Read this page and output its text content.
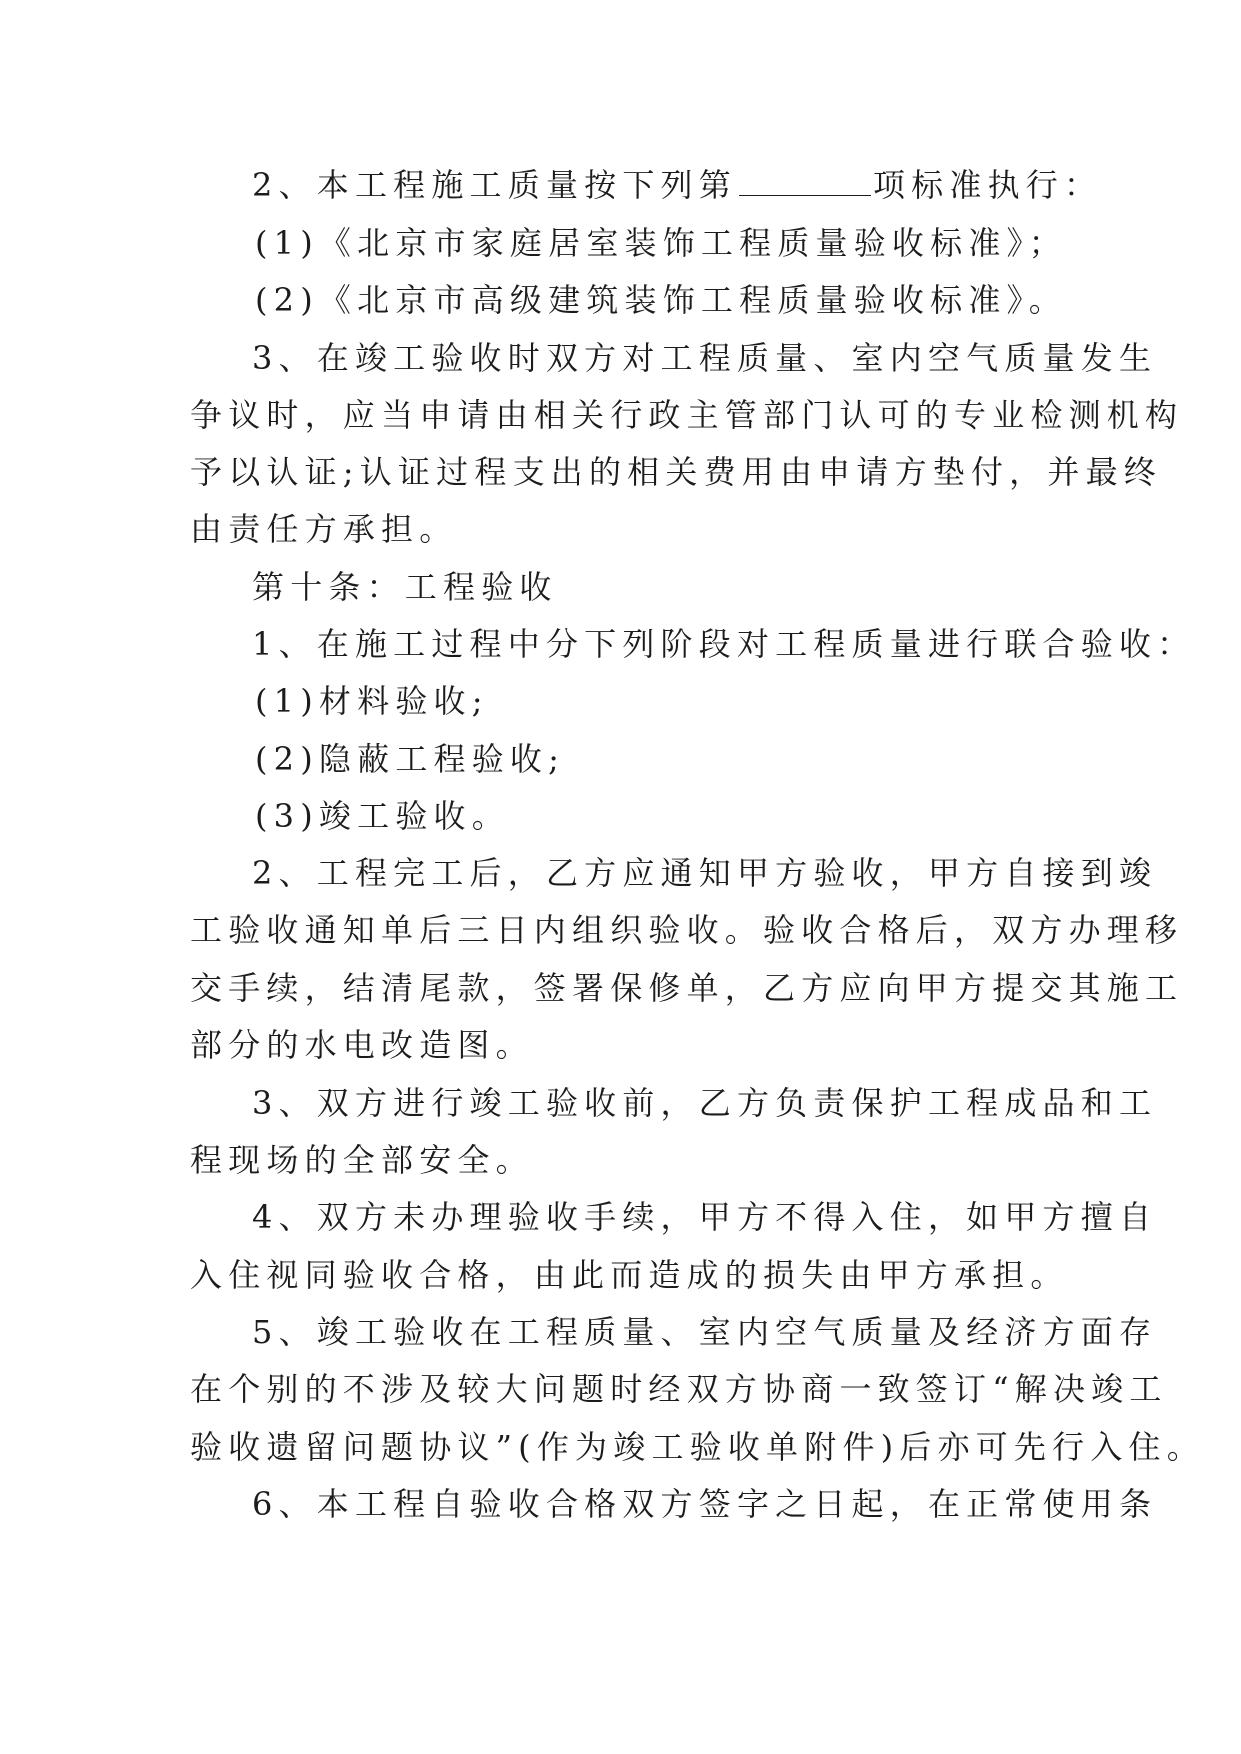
2、本工程施工质量按下列第	项标准执行：
(1)《北京市家庭居室装饰工程质量验收标准》；
(2)《北京市高级建筑装饰工程质量验收标准》。
3、在竣工验收时双方对工程质量、室内空气质量发生
争议时，应当申请由相关行政主管部门认可的专业检测机构
予以认证;认证过程支出的相关费用由申请方垫付，并最终
由责任方承担。
第十条：工程验收
1、在施工过程中分下列阶段对工程质量进行联合验收：
(1)材料验收;
(2)隐蔽工程验收;
(3)竣工验收。
2、工程完工后，乙方应通知甲方验收，甲方自接到竣
工验收通知单后三日内组织验收。验收合格后，双方办理移
交手续，结清尾款，签署保修单，乙方应向甲方提交其施工
部分的水电改造图。
3、双方进行竣工验收前，乙方负责保护工程成品和工
程现场的全部安全。
4、双方未办理验收手续，甲方不得入住，如甲方擅自
入住视同验收合格，由此而造成的损失由甲方承担。
5、竣工验收在工程质量、室内空气质量及经济方面存
在个别的不涉及较大问题时经双方协商一致签订“解决竣工
验收遗留问题协议”(作为竣工验收单附件)后亦可先行入住。
6、本工程自验收合格双方签字之日起，在正常使用条
